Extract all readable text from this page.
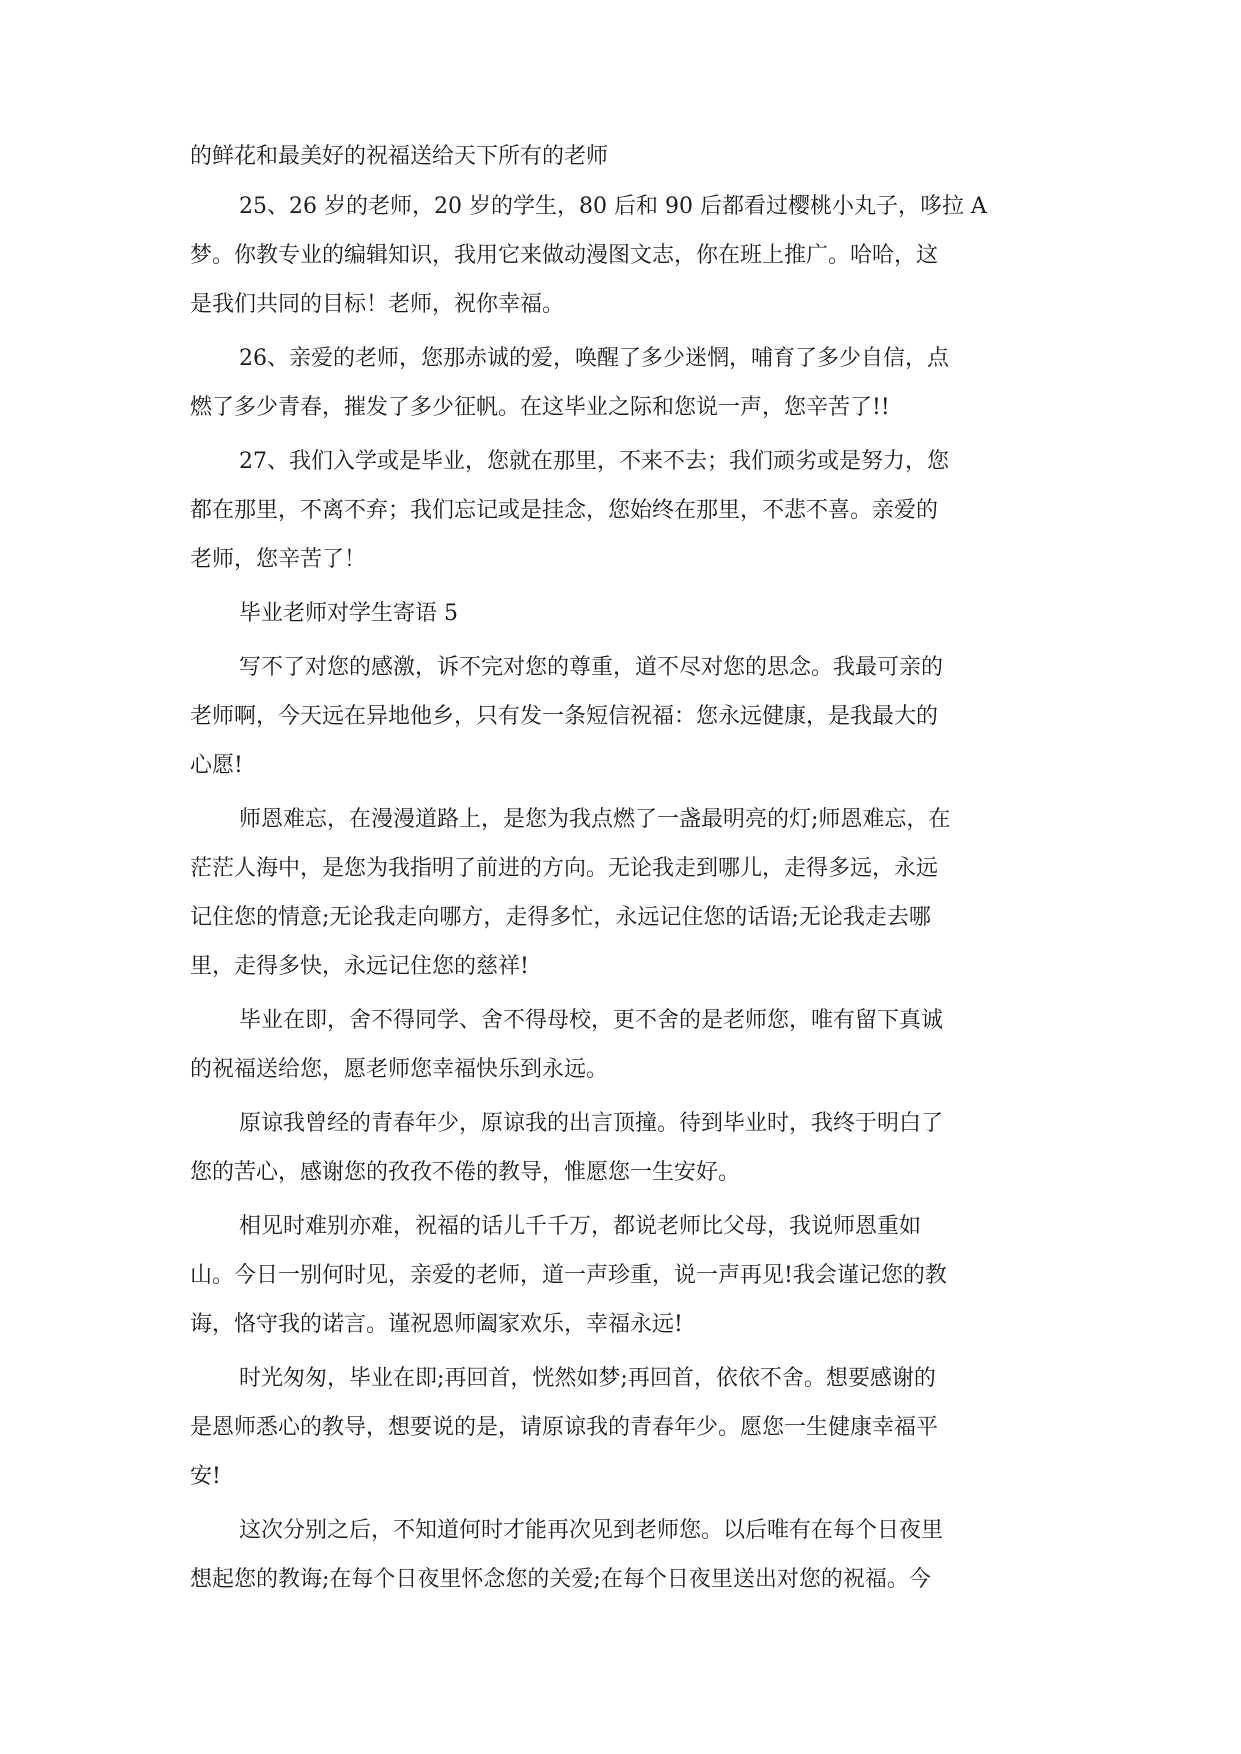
的鲜花和最美好的祝福送给天下所有的老师
25、26 岁的老师，20 岁的学生，80 后和 90 后都看过樱桃小丸子，哆拉 A
梦。你教专业的编辑知识，我用它来做动漫图文志，你在班上推广。哈哈，这
是我们共同的目标！老师，祝你幸福。
26、亲爱的老师，您那赤诚的爱，唤醒了多少迷惘，哺育了多少自信，点
燃了多少青春，摧发了多少征帆。在这毕业之际和您说一声，您辛苦了!!
27、我们入学或是毕业，您就在那里，不来不去；我们顽劣或是努力，您
都在那里，不离不弃；我们忘记或是挂念，您始终在那里，不悲不喜。亲爱的
老师，您辛苦了！
毕业老师对学生寄语 5
写不了对您的感激，诉不完对您的尊重，道不尽对您的思念。我最可亲的
老师啊，今天远在异地他乡，只有发一条短信祝福：您永远健康，是我最大的
心愿!
师恩难忘，在漫漫道路上，是您为我点燃了一盏最明亮的灯;师恩难忘，在
茫茫人海中，是您为我指明了前进的方向。无论我走到哪儿，走得多远，永远
记住您的情意;无论我走向哪方，走得多忙，永远记住您的话语;无论我走去哪
里，走得多快，永远记住您的慈祥!
毕业在即，舍不得同学、舍不得母校，更不舍的是老师您，唯有留下真诚
的祝福送给您，愿老师您幸福快乐到永远。
原谅我曾经的青春年少，原谅我的出言顶撞。待到毕业时，我终于明白了
您的苦心，感谢您的孜孜不倦的教导，惟愿您一生安好。
相见时难别亦难，祝福的话儿千千万，都说老师比父母，我说师恩重如
山。今日一别何时见，亲爱的老师，道一声珍重，说一声再见!我会谨记您的教
诲，恪守我的诺言。谨祝恩师阖家欢乐，幸福永远!
时光匆匆，毕业在即;再回首，恍然如梦;再回首，依依不舍。想要感谢的
是恩师悉心的教导，想要说的是，请原谅我的青春年少。愿您一生健康幸福平
安!
这次分别之后，不知道何时才能再次见到老师您。以后唯有在每个日夜里
想起您的教诲;在每个日夜里怀念您的关爱;在每个日夜里送出对您的祝福。今
